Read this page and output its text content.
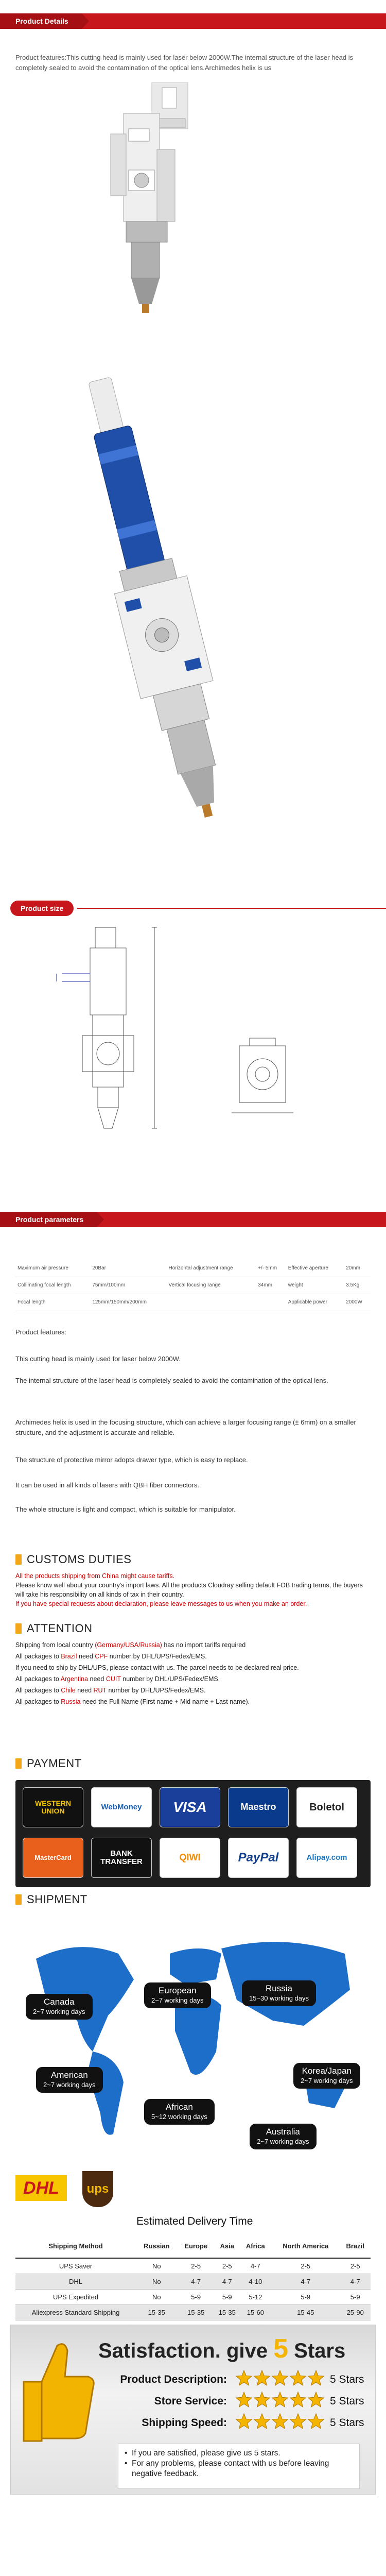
Product Details
Product features:This cutting head is mainly used for laser below 2000W.The internal structure of the laser head is completely sealed to avoid the contamination of the optical lens.Archimedes helix is us
Product size
Product parameters
Maximum air pressure	20Bar	Horizontal adjustment range	+/- 5mm	Effective aperture	20mm
Collimating focal length	75mm/100mm	Vertical focusing range	34mm	weight	3.5Kg
Focal length	125mm/150mm/200mm			Applicable power	2000W
Product features:
This cutting head is mainly used for laser below 2000W.
The internal structure of the laser head is completely sealed to avoid the contamination of the optical lens.
Archimedes helix is used in the focusing structure, which can achieve a larger focusing range (± 6mm) on a smaller structure, and the adjustment is accurate and reliable.
The structure of protective mirror adopts drawer type, which is easy to replace.
It can be used in all kinds of lasers with QBH fiber connectors.
The whole structure is light and compact, which is suitable for manipulator.
CUSTOMS DUTIES
All the products shipping from China might cause tariffs.
Please know well about your country's import laws. All the products Cloudray selling default FOB trading terms, the buyers will take his responsibility on all kinds of tax in their country.
If you have special requests about declaration, please leave messages to us when you make an order.
ATTENTION
Shipping from local country (Germany/USA/Russia) has no import tariffs required
All packages to Brazil need CPF number by DHL/UPS/Fedex/EMS.
If you need to ship by DHL/UPS, please contact with us. The parcel needs to be declared real price.
All packages to Argentina need CUIT number by DHL/UPS/Fedex/EMS.
All packages to Chile need RUT number by DHL/UPS/Fedex/EMS.
All packages to Russia need the Full Name (First name + Mid name + Last name).
PAYMENT
WESTERN UNION	WebMoney	VISA	Maestro	Boletol
MasterCard	BANK TRANSFER	QIWI	PayPal	Alipay.com
SHIPMENT
Canada
2~7 working days
European
2~7 working days
Russia
15~30 working days
American
2~7 working days
Korea/Japan
2~7 working days
African
5~12 working days
Australia
2~7 working days
DHL	ups
Estimated Delivery Time
Shipping Method	Russian	Europe	Asia	Africa	North America	Brazil
UPS Saver	No	2-5	2-5	4-7	2-5	2-5
DHL	No	4-7	4-7	4-10	4-7	4-7
UPS Expedited	No	5-9	5-9	5-12	5-9	5-9
Aliexpress Standard Shipping	15-35	15-35	15-35	15-60	15-45	25-90
Satisfaction. give 5 Stars
Product Description:	5 Stars
Store Service:	5 Stars
Shipping Speed:	5 Stars
• If you are satisfied, please give us 5 stars.
• For any problems, please contact with us before leaving negative feedback.
